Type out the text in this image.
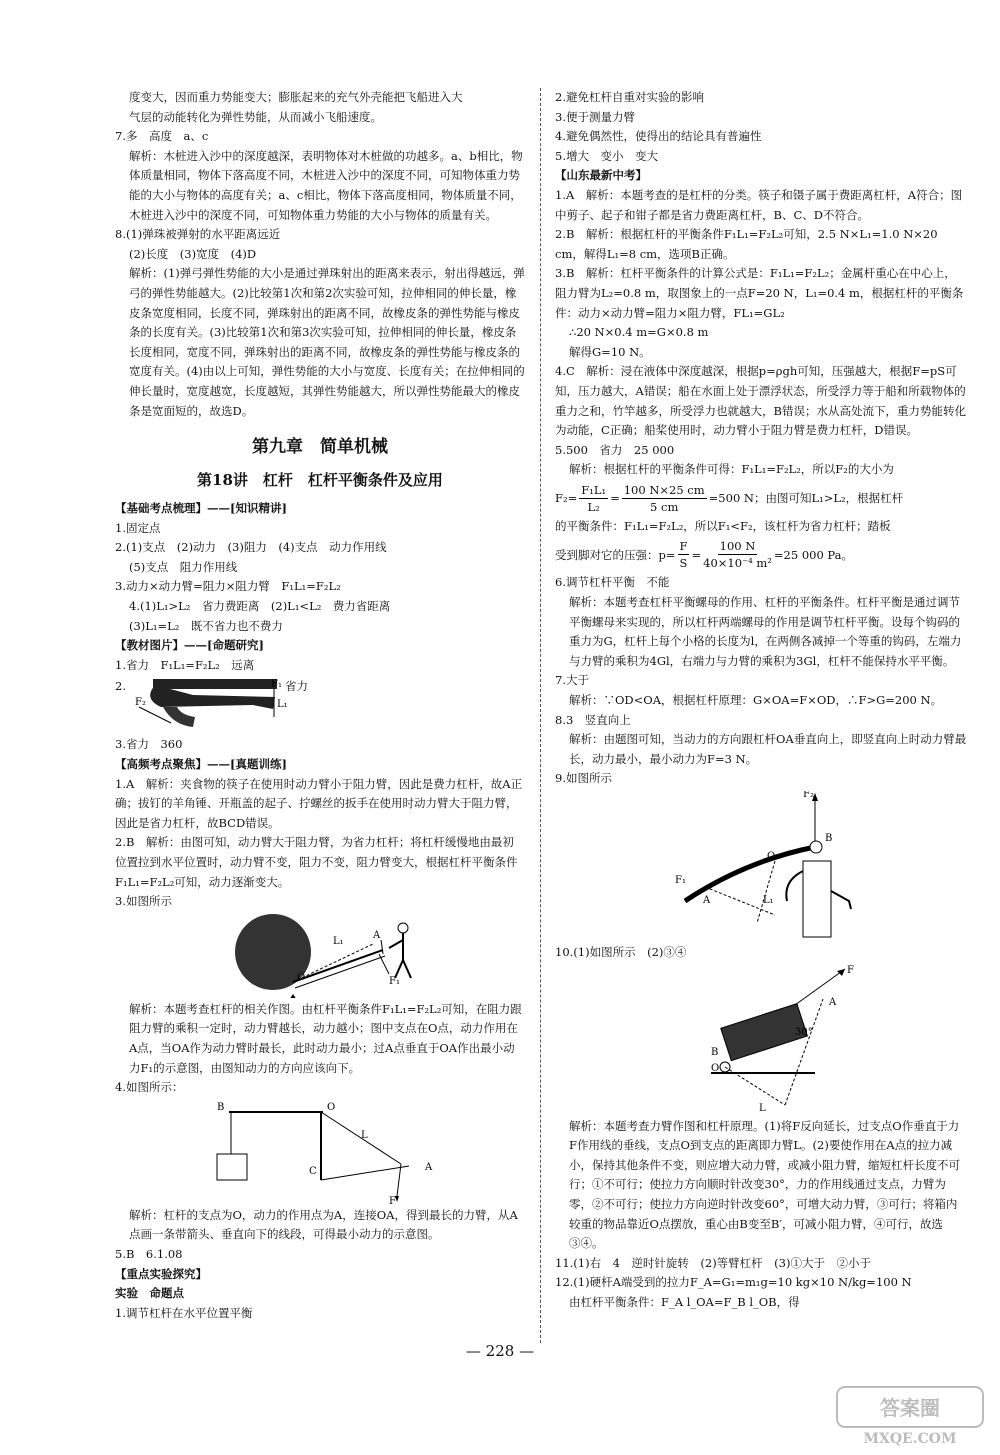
度变大，因而重力势能变大；膨胀起来的充气外壳能把飞船进入大

气层的动能转化为弹性势能，从而减小飞船速度。

7.多　高度　a、c

解析：木桩进入沙中的深度越深，表明物体对木桩做的功越多。a、b相比，物体质量相同，物体下落高度不同，木桩进入沙中的深度不同，可知物体重力势能的大小与物体的高度有关；a、c相比，物体下落高度相同，物体质量不同，木桩进入沙中的深度不同，可知物体重力势能的大小与物体的质量有关。

8.(1)弹珠被弹射的水平距离远近

(2)长度　(3)宽度　(4)D

解析：(1)弹弓弹性势能的大小是通过弹珠射出的距离来表示，射出得越远，弹弓的弹性势能越大。(2)比较第1次和第2次实验可知，拉伸相同的伸长量，橡皮条宽度相同，长度不同，弹珠射出的距离不同，故橡皮条的弹性势能与橡皮条的长度有关。(3)比较第1次和第3次实验可知，拉伸相同的伸长量，橡皮条长度相同，宽度不同，弹珠射出的距离不同，故橡皮条的弹性势能与橡皮条的宽度有关。(4)由以上可知，弹性势能的大小与宽度、长度有关；在拉伸相同的伸长量时，宽度越宽，长度越短，其弹性势能越大，所以弹性势能最大的橡皮条是宽面短的，故选D。

第九章　简单机械
第18讲　杠杆　杠杆平衡条件及应用

【基础考点梳理】——[知识精讲]

1.固定点

2.(1)支点　(2)动力　(3)阻力　(4)支点　动力作用线

(5)支点　阻力作用线

3.动力×动力臂=阻力×阻力臂　F₁L₁=F₂L₂

4.(1)L₁>L₂　省力费距离　(2)L₁<L₂　费力省距离

(3)L₁=L₂　既不省力也不费力

【教材图片】——[命题研究]

1.省力　F₁L₁=F₂L₂　远离

2.	F₁
F₂	L₁
省力

3.省力　360

【高频考点聚焦】——[真题训练]

1.A　解析：夹食物的筷子在使用时动力臂小于阻力臂，因此是费力杠杆，故A正确；拔钉的羊角锤、开瓶盖的起子、拧螺丝的扳手在使用时动力臂大于阻力臂，因此是省力杠杆，故BCD错误。

2.B　解析：由图可知，动力臂大于阻力臂，为省力杠杆；将杠杆缓慢地由最初位置拉到水平位置时，动力臂不变，阻力不变，阻力臂变大，根据杠杆平衡条件F₁L₁=F₂L₂可知，动力逐渐变大。

3.如图所示

L₁
A
O	F₁

解析：本题考查杠杆的相关作图。由杠杆平衡条件F₁L₁=F₂L₂可知，在阻力跟阻力臂的乘积一定时，动力臂越长，动力越小；图中支点在O点，动力作用在A点，当OA作为动力臂时最长，此时动力最小；过A点垂直于OA作出最小动力F₁的示意图，由图知动力的方向应该向下。

4.如图所示：

B	O
L
C	A
F

解析：杠杆的支点为O，动力的作用点为A，连接OA，得到最长的力臂，从A点画一条带箭头、垂直向下的线段，可得最小动力的示意图。

5.B　6.1.08

【重点实验探究】

实验　命题点

1.调节杠杆在水平位置平衡

2.避免杠杆自重对实验的影响

3.便于测量力臂

4.避免偶然性，使得出的结论具有普遍性

5.增大　变小　变大

【山东最新中考】

1.A　解析：本题考查的是杠杆的分类。筷子和镊子属于费距离杠杆，A符合；图中剪子、起子和钳子都是省力费距离杠杆，B、C、D不符合。

2.B　解析：根据杠杆的平衡条件F₁L₁=F₂L₂可知，2.5 N×L₁=1.0 N×20 cm，解得L₁=8 cm，选项B正确。

3.B　解析：杠杆平衡条件的计算公式是：F₁L₁=F₂L₂；金属杆重心在中心上，阻力臂为L₂=0.8 m，取图象上的一点F=20 N，L₁=0.4 m，根据杠杆的平衡条件：动力×动力臂=阻力×阻力臂，FL₁=GL₂

∴20 N×0.4 m=G×0.8 m

解得G=10 N。

4.C　解析：浸在液体中深度越深，根据p=ρgh可知，压强越大，根据F=pS可知，压力越大，A错误；船在水面上处于漂浮状态，所受浮力等于船和所载物体的重力之和，竹竿越多，所受浮力也就越大，B错误；水从高处流下，重力势能转化为动能，C正确；船桨使用时，动力臂小于阻力臂是费力杠杆，D错误。

5.500　省力　25 000

解析：根据杠杆的平衡条件可得：F₁L₁=F₂L₂，所以F₂的大小为

$F_2= \frac{\text{F₁L₁}}{\text{L₂}} = \frac{100 N\times 25 cm}{5 cm} =500$ N；由图可知L₁>L₂，根据杠杆

的平衡条件：F₁L₁=F₂L₂，所以F₁<F₂，该杠杆为省力杠杆；踏板

受到脚对它的压强：$p= \frac{F}{S} = \frac{100 N}{\text{40×10⁻⁴ m²}} =25$ 000 Pa。

6.调节杠杆平衡　不能

解析：本题考查杠杆平衡螺母的作用、杠杆的平衡条件。杠杆平衡是通过调节平衡螺母来实现的，所以杠杆两端螺母的作用是调节杠杆平衡。设每个钩码的重力为G，杠杆上每个小格的长度为l，在两侧各减掉一个等重的钩码，左端力与力臂的乘积为4Gl，右端力与力臂的乘积为3Gl，杠杆不能保持水平平衡。

7.大于

解析：∵OD<OA，根据杠杆原理：G×OA=F×OD，∴F>G=200 N。

8.3　竖直向上

解析：由题图可知，当动力的方向跟杠杆OA垂直向上，即竖直向上时动力臂最长，动力最小，最小动力为F=3 N。

9.如图所示

F₂
B
O
F₁
A	L₁

10.(1)如图所示　(2)③④

F
A
30°
B
O
L

解析：本题考查力臂作图和杠杆原理。(1)将F反向延长，过支点O作垂直于力F作用线的垂线，支点O到支点的距离即力臂L。(2)要使作用在A点的拉力减小，保持其他条件不变，则应增大动力臂，或减小阻力臂，缩短杠杆长度不可行；①不可行；使拉力方向顺时针改变30°，力的作用线通过支点，力臂为零，②不可行；使拉力方向逆时针改变60°，可增大动力臂，③可行；将箱内较重的物品靠近O点摆放，重心由B变至B′，可减小阻力臂，④可行，故选③④。

11.(1)右　4　逆时针旋转　(2)等臂杠杆　(3)①大于　②小于

12.(1)硬杆A端受到的拉力F_A=G₁=m₁g=10 kg×10 N/kg=100 N

由杠杆平衡条件：F_A l_OA=F_B l_OB，得

— 228 —
答案圈
MXQE.COM
